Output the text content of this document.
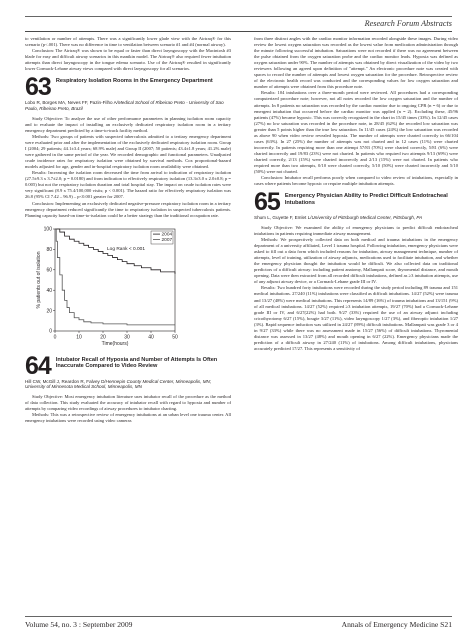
Research Forum Abstracts

to ventilation or number of attempts. There was a significantly lower glade view with the Airtraq® for this scenario (p<.001). There was no difference in time to ventilation between scenario #1 and #4 (normal airway).

Conclusion: The Airtraq® was shown to be equal or faster than direct laryngoscopy with the Macintosh #3 blade for easy and difficult airway scenarios in this manikin model. The Airtraq® also required fewer intubation attempts than direct laryngoscopy in the tongue edema scenario. Use of the Airtraq® resulted in significantly lower Cormack-Lehane airway views compared with direct laryngoscopy for all scenarios.

63 Respiratory Isolation Rooms in the Emergency Department
Lobo R, Borges MA, Neves FF, Pazin-Filho A/Medical School of Ribeirao Preto - University of Sao Paulo, Ribeirao Preto, Brazil

Study Objective: To analyze the use of other performance parameters in planning isolation room capacity and to evaluate the impact of installing an exclusively dedicated respiratory isolation room in a tertiary emergency department predicted by a time-to-track facility method.

Methods: Two groups of patients with suspected tuberculosis admitted to a tertiary emergency department were evaluated prior and after the implementation of the exclusively dedicated respiratory isolation room. Group I (2004; 29 patients; 44.1±3.4 years; 68.9% male) and Group II (2007; 50 patients; 43.4±1.8 years; 41.2% male) were gathered in the same period of the year. We recorded demographic and functional parameters. Unadjusted crude incidence rates for respiratory isolation were obtained by survival methods. Cox proportional-hazard models adjusted for age, gender and in-hospital respiratory isolation room availability were obtained.

Results: Increasing the isolation room decreased the time from arrival to indication of respiratory isolation (27.5±9.3 x 3.7±2.0; p = 0.0180) and from indication to effectively respiratory isolation (13.3±3.0 x 2.0±0.8; p = 0.005) but not the respiratory isolation duration and total hospital stay. The impact on crude isolation rates were very significant (8.9 x 75.4/100,000 visits; p < 0.001). The hazard ratio for effectively respiratory isolation was 26.8 (95% CI 7.42 – 96.9) – p<0.001 greater for 2007.

Conclusion: Implementing an exclusively dedicated negative-pressure respiratory isolation room in a tertiary emergency department reduced significantly the time to respiratory isolation in suspected tuberculosis patients. Planning capacity based-on time-to-isolation could be a better strategy than the traditional occupation rate.

0
20
40
60
80
100
0	10	20	30	40	50
Time(hours)
% patients out of isolation
2004
2007
Log Rank < 0.001
64 Intubator Recall of Hypoxia and Number of Attempts Is Often Inaccurate Compared to Video Review
Hill CW, McGill J, Reardon R, Falvey D/Hennepin County Medical Center, Minneapolis, MN; University of Minnesota Medical School, Minneapolis, MN

Study Objective: Most emergency intubation literature uses intubator recall of the procedure as the method of data collection. This study evaluated the accuracy of intubator recall with regard to hypoxia and number of attempts by comparing video recordings of airway procedures to intubator charting.

Methods: This was a retrospective review of emergency intubations at an urban level one trauma center. All emergency intubations were recorded using video cameras

from three distinct angles with the cardiac monitor information recorded alongside these images. During video review the lowest oxygen saturation was recorded as the lowest value from medication administration through the minute following successful intubation. Saturations were not recorded if there was no agreement between the pulse obtained from the oxygen saturation probe and the cardiac monitor leads. Hypoxia was defined as oxygen saturation under 90%. The number of attempts was obtained by direct visualization of the video by two reviewers following an agreed upon definition of "attempt." An electronic procedure note was created with spaces to record the number of attempts and lowest oxygen saturation for the procedure. Retrospective review of the electronic health record was conducted and the corresponding values for low oxygen saturation and number of attempts were obtained from this procedure note.

Results: 104 intubations over a three-month period were reviewed. All procedures had a corresponding computerized procedure note; however, not all notes recorded the low oxygen saturation and the number of attempts. In 8 patients no saturation was recorded by the cardiac monitor due to ongoing CPR (n = 6) or due to emergent intubation that occurred before the cardiac monitor was applied (n = 2). Excluding these, 45/96 patients (47%) became hypoxic. This was correctly recognized in the chart in 15/45 times (33%). In 12/45 cases (27%) no low saturation was recorded in the procedure note, in 28/45 (62%) the recorded low saturation was greater than 5 points higher than the true low saturation. In 11/45 cases (24%) the low saturation was recorded as above 90 when video review revealed hypoxia. The number of attempts were charted correctly in 66/104 cases (63%). In 27 (25%) the number of attempts was not charted and in 12 cases (11%) were charted incorrectly. In patients requiring more than one attempt 57/83 (70%) were charted correctly, 5/81 (6%) were charted incorrectly and 19/83 (23%) were not charted. In patients who required two attempts 9/13 (69%) were charted correctly, 2/13 (15%) were charted incorrectly and 2/13 (15%) were not charted. In patients who required more than two attempts, 0/10 were charted correctly, 5/10 (50%) were charted incorrectly and 5/10 (50%) were not charted.

Conclusion: Intubator recall performs poorly when compared to video review of intubations, especially in cases where patients become hypoxic or require multiple intubation attempts.

65 Emergency Physician Ability to Predict Difficult Endotracheal Intubations
Shum L, Guyette F, Emlet L/University of Pittsburgh Medical Center, Pittsburgh, PA

Study Objective: We examined the ability of emergency physicians to predict difficult endotracheal intubations in patients requiring immediate airway management.

Methods: We prospectively collected data on both medical and trauma intubations in the emergency department of a university affiliated, Level 1 trauma hospital. Following intubation, emergency physicians were asked to fill out a data form which included reasons for intubation, airway management technique, number of attempts, level of training, utilization of airway adjuncts, medications used to facilitate intubation, and whether the emergency physician thought the intubation would be difficult. We also collected data on traditional predictors of a difficult airway: including patient anatomy, Mallampati score, thyromental distance, and mouth opening. Data were then extracted from all recorded difficult intubations, defined as ≥3 intubation attempts, use of any adjunct airway device, or a Cormack-Lehane grade III or IV.

Results: Two hundred forty intubations were recorded during the study period including 89 trauma and 151 medical intubations. 27/240 (11%) intubations were classified as difficult intubations. 14/27 (52%) were trauma and 13/27 (48%) were medical intubations. This represents 14/89 (16%) of trauma intubations and 13/151 (9%) of all medical intubations. 14/27 (52%) required ≥3 intubation attempts, 19/27 (70%) had a Cormack-Lehane grade III or IV, and 6/27(22%) had both. 9/27 (33%) required the use of an airway adjunct including cricothyrotomy 6/27 (15%), bougie 3/27 (11%), video laryngoscopy 1/27 (3%), and fiberoptic intubation 1/27 (3%). Rapid sequence induction was utilized in 24/27 (89%) difficult intubations. Mallampati was grade 3 or 4 in 9/27 (33%) while there was no assessment made in 15/27 (56%) of difficult intubations. Thyromental distance was assessed in 13/27 (48%) and mouth opening in 6/27 (22%). Emergency physicians made the prediction of a difficult airway in 27/240 (11%) of intubations. Among difficult intubations, physicians accurately predicted 17/27. This represents a sensitivity of

Volume 54, no. 3 : September 2009	Annals of Emergency Medicine S21
